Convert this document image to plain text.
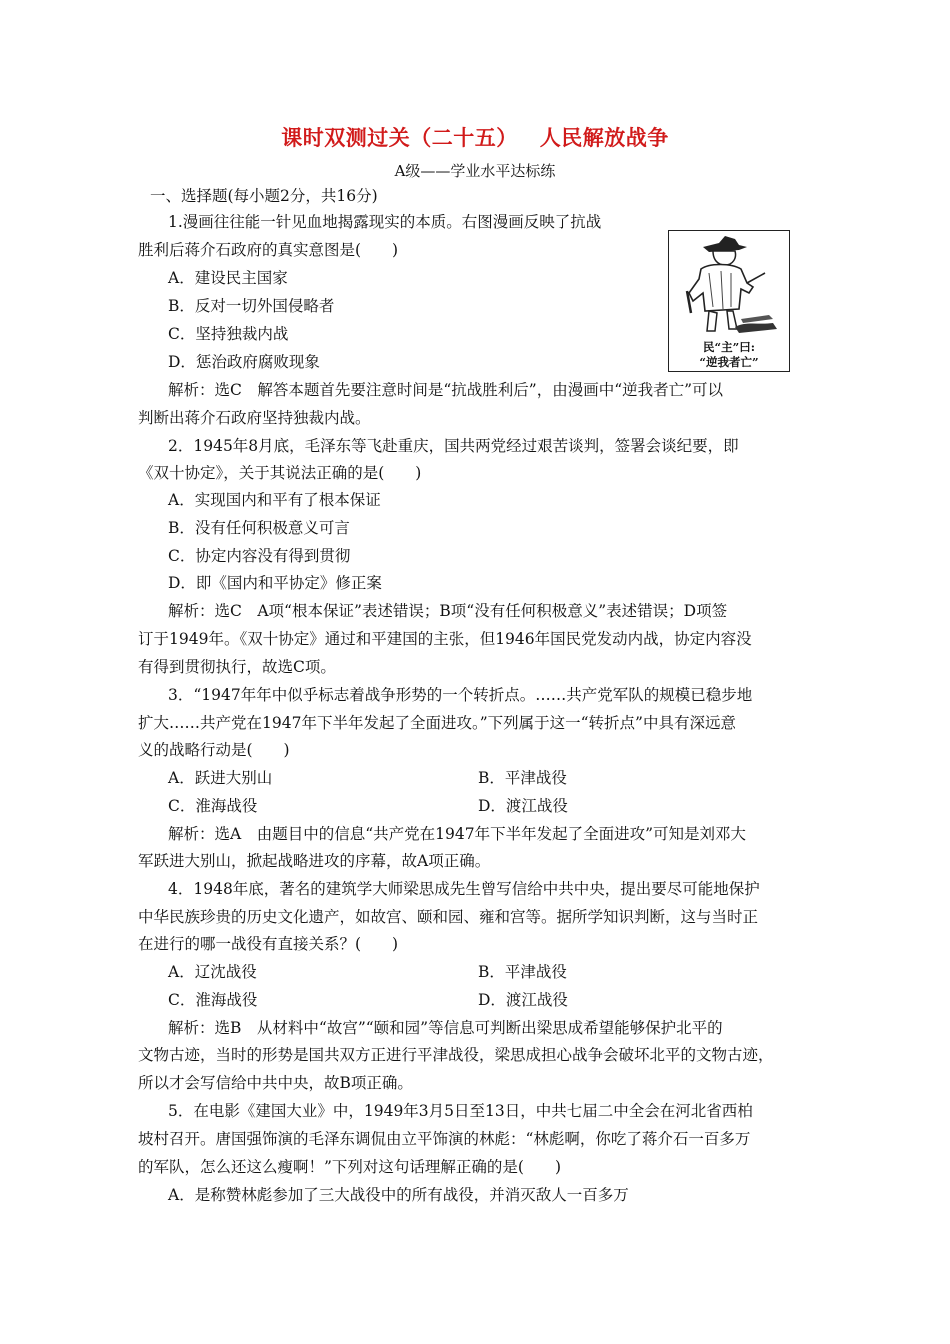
课时双测过关（二十五） 人民解放战争
A级——学业水平达标练
一、选择题(每小题2分，共16分)
民“主”曰:
“逆我者亡”
1.漫画往往能一针见血地揭露现实的本质。右图漫画反映了抗战
胜利后蒋介石政府的真实意图是(　　)
A．建设民主国家
B．反对一切外国侵略者
C．坚持独裁内战
D．惩治政府腐败现象
解析：选C　解答本题首先要注意时间是“抗战胜利后”，由漫画中“逆我者亡”可以
判断出蒋介石政府坚持独裁内战。
2．1945年8月底，毛泽东等飞赴重庆，国共两党经过艰苦谈判，签署会谈纪要，即
《双十协定》，关于其说法正确的是(　　)
A．实现国内和平有了根本保证
B．没有任何积极意义可言
C．协定内容没有得到贯彻
D．即《国内和平协定》修正案
解析：选C　A项“根本保证”表述错误；B项“没有任何积极意义”表述错误；D项签
订于1949年。《双十协定》通过和平建国的主张，但1946年国民党发动内战，协定内容没
有得到贯彻执行，故选C项。
3．“1947年年中似乎标志着战争形势的一个转折点。……共产党军队的规模已稳步地
扩大……共产党在1947年下半年发起了全面进攻。”下列属于这一“转折点”中具有深远意
义的战略行动是(　　)
A．跃进大别山	B．平津战役
C．淮海战役	D．渡江战役
解析：选A　由题目中的信息“共产党在1947年下半年发起了全面进攻”可知是刘邓大
军跃进大别山，掀起战略进攻的序幕，故A项正确。
4．1948年底，著名的建筑学大师梁思成先生曾写信给中共中央，提出要尽可能地保护
中华民族珍贵的历史文化遗产，如故宫、颐和园、雍和宫等。据所学知识判断，这与当时正
在进行的哪一战役有直接关系？(　　)
A．辽沈战役	B．平津战役
C．淮海战役	D．渡江战役
解析：选B　从材料中“故宫”“颐和园”等信息可判断出梁思成希望能够保护北平的
文物古迹，当时的形势是国共双方正进行平津战役，梁思成担心战争会破坏北平的文物古迹，
所以才会写信给中共中央，故B项正确。
5．在电影《建国大业》中，1949年3月5日至13日，中共七届二中全会在河北省西柏
坡村召开。唐国强饰演的毛泽东调侃由立平饰演的林彪：“林彪啊，你吃了蒋介石一百多万
的军队，怎么还这么瘦啊！”下列对这句话理解正确的是(　　)
A．是称赞林彪参加了三大战役中的所有战役，并消灭敌人一百多万
